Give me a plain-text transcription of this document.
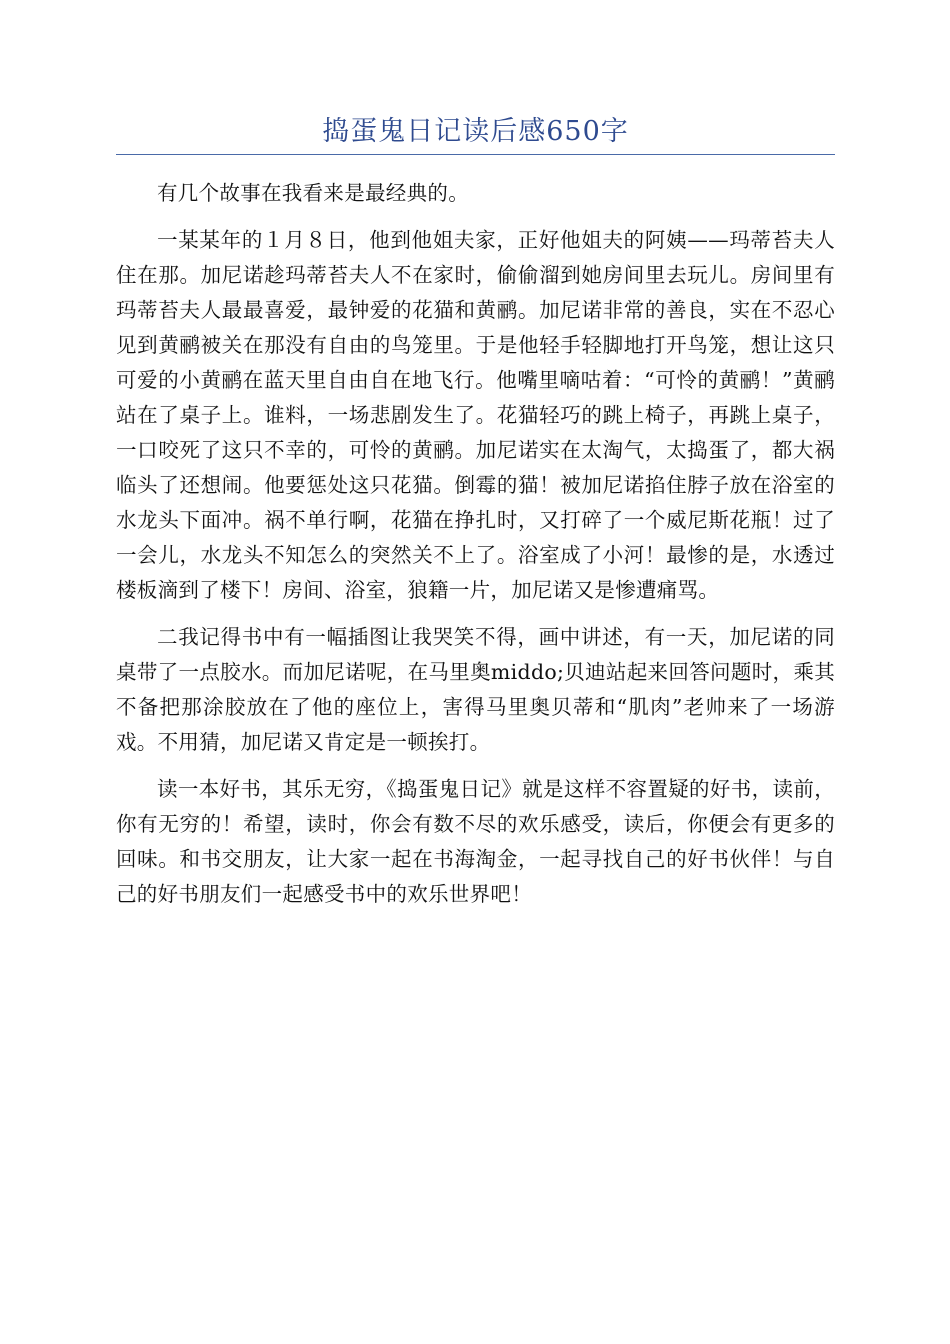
捣蛋鬼日记读后感650字

有几个故事在我看来是最经典的。

一某某年的１月８日，他到他姐夫家，正好他姐夫的阿姨——玛蒂苔夫人住在那。加尼诺趁玛蒂苔夫人不在家时，偷偷溜到她房间里去玩儿。房间里有玛蒂苔夫人最最喜爱，最钟爱的花猫和黄鹂。加尼诺非常的善良，实在不忍心见到黄鹂被关在那没有自由的鸟笼里。于是他轻手轻脚地打开鸟笼，想让这只可爱的小黄鹂在蓝天里自由自在地飞行。他嘴里嘀咕着：“可怜的黄鹂！”黄鹂站在了桌子上。谁料，一场悲剧发生了。花猫轻巧的跳上椅子，再跳上桌子，一口咬死了这只不幸的，可怜的黄鹂。加尼诺实在太淘气，太捣蛋了，都大祸临头了还想闹。他要惩处这只花猫。倒霉的猫！被加尼诺掐住脖子放在浴室的水龙头下面冲。祸不单行啊，花猫在挣扎时，又打碎了一个威尼斯花瓶！过了一会儿，水龙头不知怎么的突然关不上了。浴室成了小河！最惨的是，水透过楼板滴到了楼下！房间、浴室，狼籍一片，加尼诺又是惨遭痛骂。

二我记得书中有一幅插图让我哭笑不得，画中讲述，有一天，加尼诺的同桌带了一点胶水。而加尼诺呢，在马里奥middo;贝迪站起来回答问题时，乘其不备把那涂胶放在了他的座位上，害得马里奥贝蒂和“肌肉”老帅来了一场游戏。不用猜，加尼诺又肯定是一顿挨打。

读一本好书，其乐无穷，《捣蛋鬼日记》就是这样不容置疑的好书，读前，你有无穷的！希望，读时，你会有数不尽的欢乐感受，读后，你便会有更多的回味。和书交朋友，让大家一起在书海淘金，一起寻找自己的好书伙伴！与自己的好书朋友们一起感受书中的欢乐世界吧！
